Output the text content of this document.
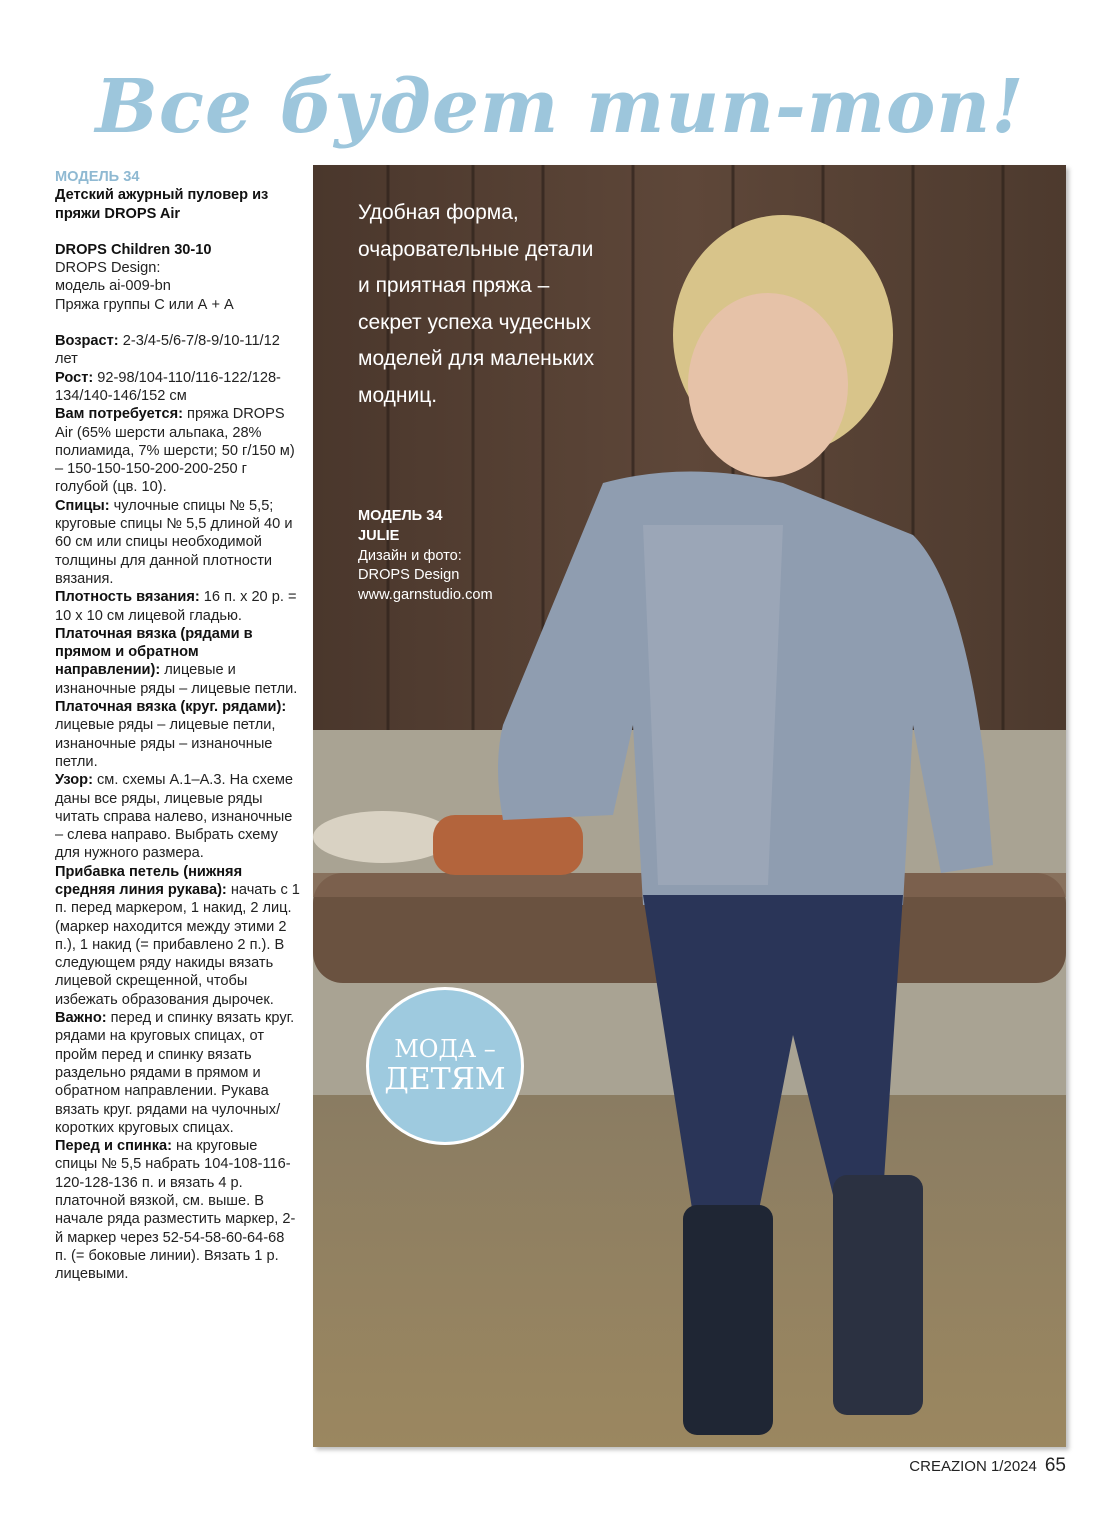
Все будет тип-топ!

МОДЕЛЬ 34

Детский ажурный пуловер из пряжи DROPS Air

DROPS Children 30-10

DROPS Design:

модель ai-009-bn

Пряжа группы С или А + А

Возраст: 2-3/4-5/6-7/8-9/10-11/12 лет

Рост: 92-98/104-110/116-122/128-134/140-146/152 см

Вам потребуется: пряжа DROPS Air (65% шерсти альпака, 28% полиамида, 7% шерсти; 50 г/150 м) – 150-150-150-200-200-250 г голубой (цв. 10).

Спицы: чулочные спицы № 5,5; круговые спицы № 5,5 длиной 40 и 60 см или спицы необходимой толщины для данной плотности вязания.

Плотность вязания: 16 п. x 20 р. = 10 x 10 см лицевой гладью.

Платочная вязка (рядами в прямом и обратном направлении): лицевые и изнаночные ряды – лицевые петли.

Платочная вязка (круг. рядами): лицевые ряды – лицевые петли, изнаночные ряды – изнаночные петли.

Узор: см. схемы А.1–А.3. На схеме даны все ряды, лицевые ряды читать справа налево, изнаночные – слева направо. Выбрать схему для нужного размера.

Прибавка петель (нижняя средняя линия рукава): начать с 1 п. перед маркером, 1 накид, 2 лиц. (маркер находится между этими 2 п.), 1 накид (= прибавлено 2 п.). В следующем ряду накиды вязать лицевой скрещенной, чтобы избежать образования дырочек.

Важно: перед и спинку вязать круг. рядами на круговых спицах, от пройм перед и спинку вязать раздельно рядами в прямом и обратном направлении. Рукава вязать круг. рядами на чулочных/коротких круговых спицах.

Перед и спинка: на круговые спицы № 5,5 набрать 104-108-116-120-128-136 п. и вязать 4 р. платочной вязкой, см. выше. В начале ряда разместить маркер, 2-й маркер через 52-54-58-60-64-68 п. (= боковые линии). Вязать 1 р. лицевыми.

Удобная форма, очаровательные детали и приятная пряжа – секрет успеха чудесных моделей для маленьких модниц.
МОДЕЛЬ 34
JULIE
Дизайн и фото:
DROPS Design
www.garnstudio.com
МОДА –
ДЕТЯМ
CREAZION 1/2024 65
